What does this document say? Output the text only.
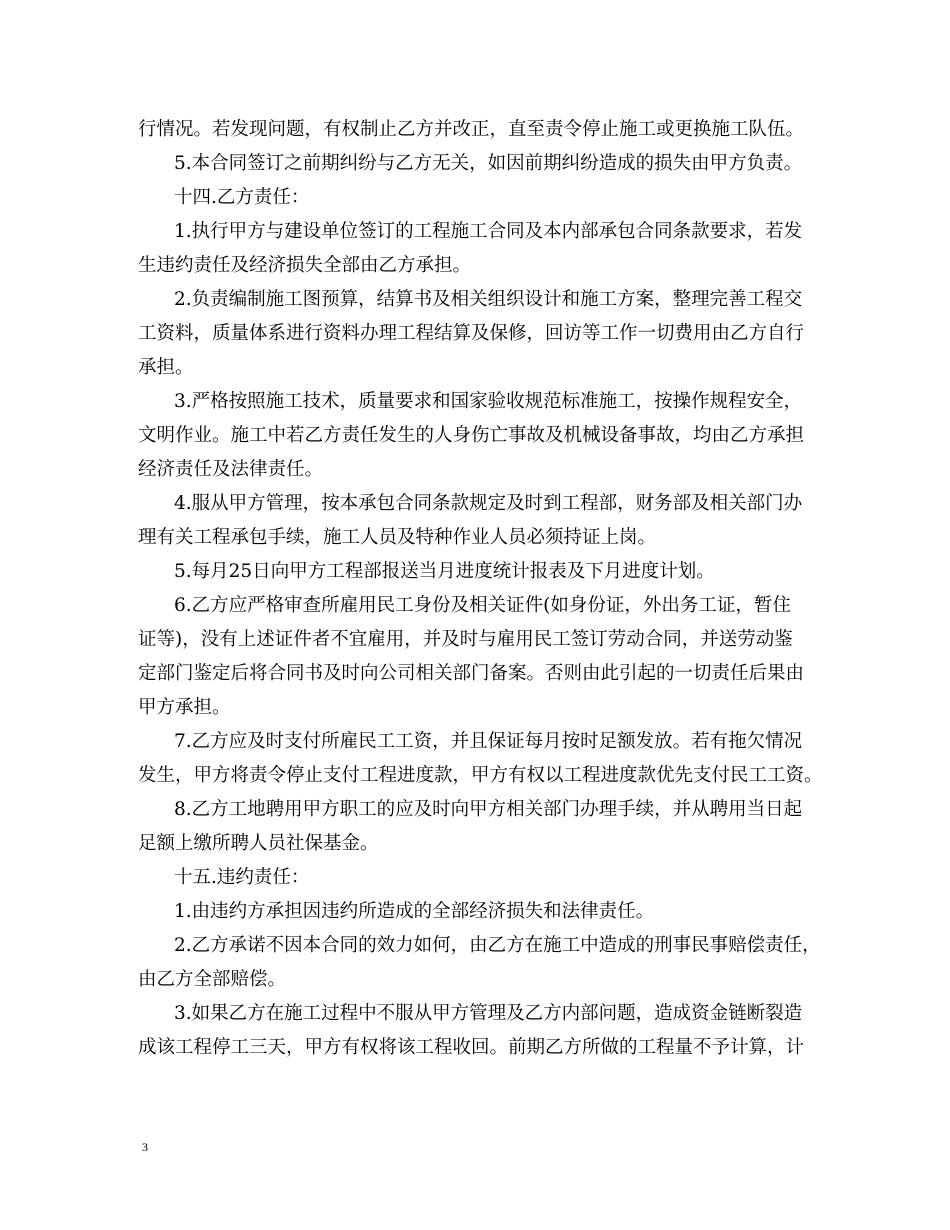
行情况。若发现问题，有权制止乙方并改正，直至责令停止施工或更换施工队伍。
5.本合同签订之前期纠纷与乙方无关，如因前期纠纷造成的损失由甲方负责。
十四.乙方责任：
1.执行甲方与建设单位签订的工程施工合同及本内部承包合同条款要求，若发
生违约责任及经济损失全部由乙方承担。
2.负责编制施工图预算，结算书及相关组织设计和施工方案，整理完善工程交
工资料，质量体系进行资料办理工程结算及保修，回访等工作一切费用由乙方自行
承担。
3.严格按照施工技术，质量要求和国家验收规范标准施工，按操作规程安全，
文明作业。施工中若乙方责任发生的人身伤亡事故及机械设备事故，均由乙方承担
经济责任及法律责任。
4.服从甲方管理，按本承包合同条款规定及时到工程部，财务部及相关部门办
理有关工程承包手续，施工人员及特种作业人员必须持证上岗。
5.每月25日向甲方工程部报送当月进度统计报表及下月进度计划。
6.乙方应严格审查所雇用民工身份及相关证件(如身份证，外出务工证，暂住
证等)，没有上述证件者不宜雇用，并及时与雇用民工签订劳动合同，并送劳动鉴
定部门鉴定后将合同书及时向公司相关部门备案。否则由此引起的一切责任后果由
甲方承担。
7.乙方应及时支付所雇民工工资，并且保证每月按时足额发放。若有拖欠情况
发生，甲方将责令停止支付工程进度款，甲方有权以工程进度款优先支付民工工资。
8.乙方工地聘用甲方职工的应及时向甲方相关部门办理手续，并从聘用当日起
足额上缴所聘人员社保基金。
十五.违约责任：
1.由违约方承担因违约所造成的全部经济损失和法律责任。
2.乙方承诺不因本合同的效力如何，由乙方在施工中造成的刑事民事赔偿责任，
由乙方全部赔偿。
3.如果乙方在施工过程中不服从甲方管理及乙方内部问题，造成资金链断裂造
成该工程停工三天，甲方有权将该工程收回。前期乙方所做的工程量不予计算，计
3
